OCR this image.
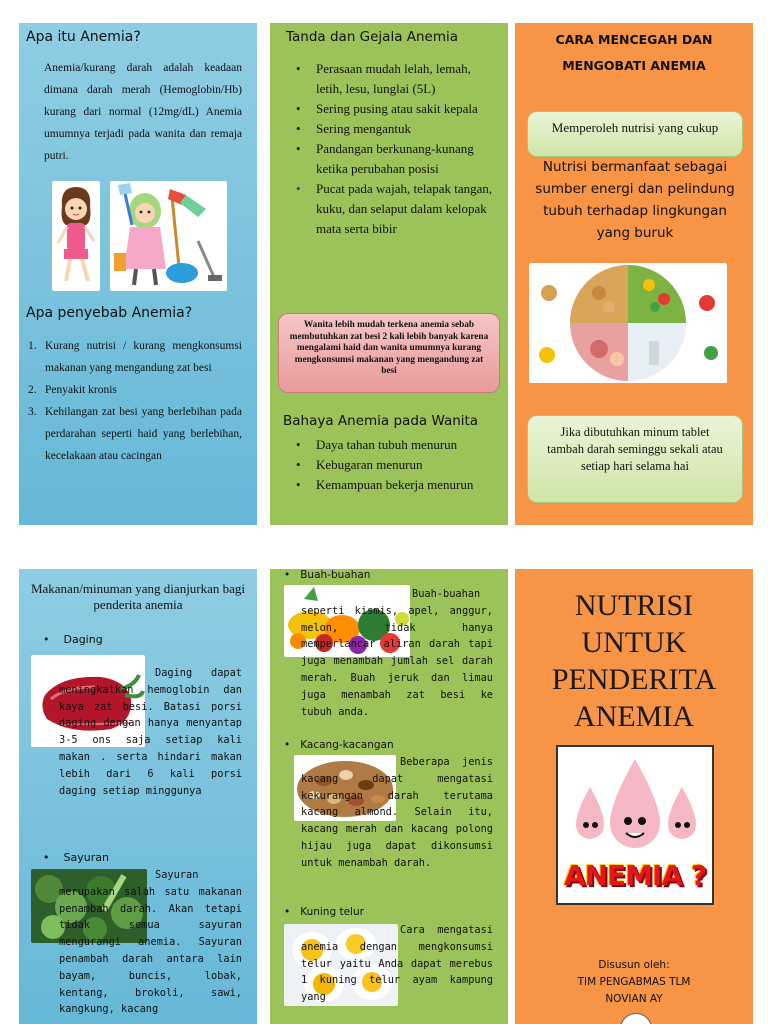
Apa itu Anemia?

Anemia/kurang darah adalah keadaan dimana darah merah (Hemoglobin/Hb) kurang dari normal (12mg/dL) Anemia umumnya terjadi pada wanita dan remaja putri.

Apa penyebab Anemia?
1. Kurang nutrisi / kurang mengkonsumsi makanan yang mengandung zat besi
2. Penyakit kronis
3. Kehilangan zat besi yang berlebihan pada perdarahan seperti haid yang berlebihan, kecelakaan atau cacingan
Tanda dan Gejala Anemia
•	Perasaan mudah lelah, lemah, letih, lesu, lunglai (5L)
•	Sering pusing atau sakit kepala
•	Sering mengantuk
•	Pandangan berkunang-kunang ketika perubahan posisi
•	Pucat pada wajah, telapak tangan, kuku, dan selaput dalam kelopak mata serta bibir

Wanita lebih mudah terkena anemia sebab membutuhkan zat besi 2 kali lebih banyak karena mengalami haid dan wanita umumnya kurang mengkonsumsi makanan yang mengandung zat besi

Bahaya Anemia pada Wanita
•	Daya tahan tubuh menurun
•	Kebugaran menurun
•	Kemampuan bekerja menurun
CARA MENCEGAH DAN
MENGOBATI ANEMIA
Memperoleh nutrisi yang cukup

Nutrisi bermanfaat sebagai sumber energi dan pelindung tubuh terhadap lingkungan yang buruk

Jika dibutuhkan minum tablet tambah darah seminggu sekali atau setiap hari selama hai

Makanan/minuman yang dianjurkan bagi penderita anemia

•    Daging

Daging dapat meningkatkan hemoglobin dan kaya zat besi. Batasi porsi daging dengan hanya menyantap 3-5 ons saja setiap kali makan . serta hindari makan lebih dari 6 kali porsi daging setiap minggunya

•    Sayuran

Sayuran merupakan salah satu makanan penambah darah. Akan tetapi tidak semua sayuran mengurangi anemia. Sayuran penambah darah antara lain bayam, buncis, lobak, kentang, brokoli, sawi, kangkung, kacang

•   Buah-buahan

Buah-buahan seperti kismis, apel, anggur, melon, tidak hanya memperlancar aliran darah tapi juga menambah jumlah sel darah merah. Buah jeruk dan limau juga menambah zat besi ke tubuh anda.

•   Kacang-kacangan

Beberapa jenis kacang dapat mengatasi kekurangan darah terutama kacang almond. Selain itu, kacang merah dan kacang polong hijau juga dapat dikonsumsi untuk menambah darah.

•   Kuning telur

Cara mengatasi anemia dengan mengkonsumsi telur yaitu Anda dapat merebus 1 kuning telur ayam kampung yang

NUTRISI
UNTUK
PENDERITA
ANEMIA
ANEMIA ?
Disusun oleh:
TIM PENGABMAS TLM
NOVIAN AY
